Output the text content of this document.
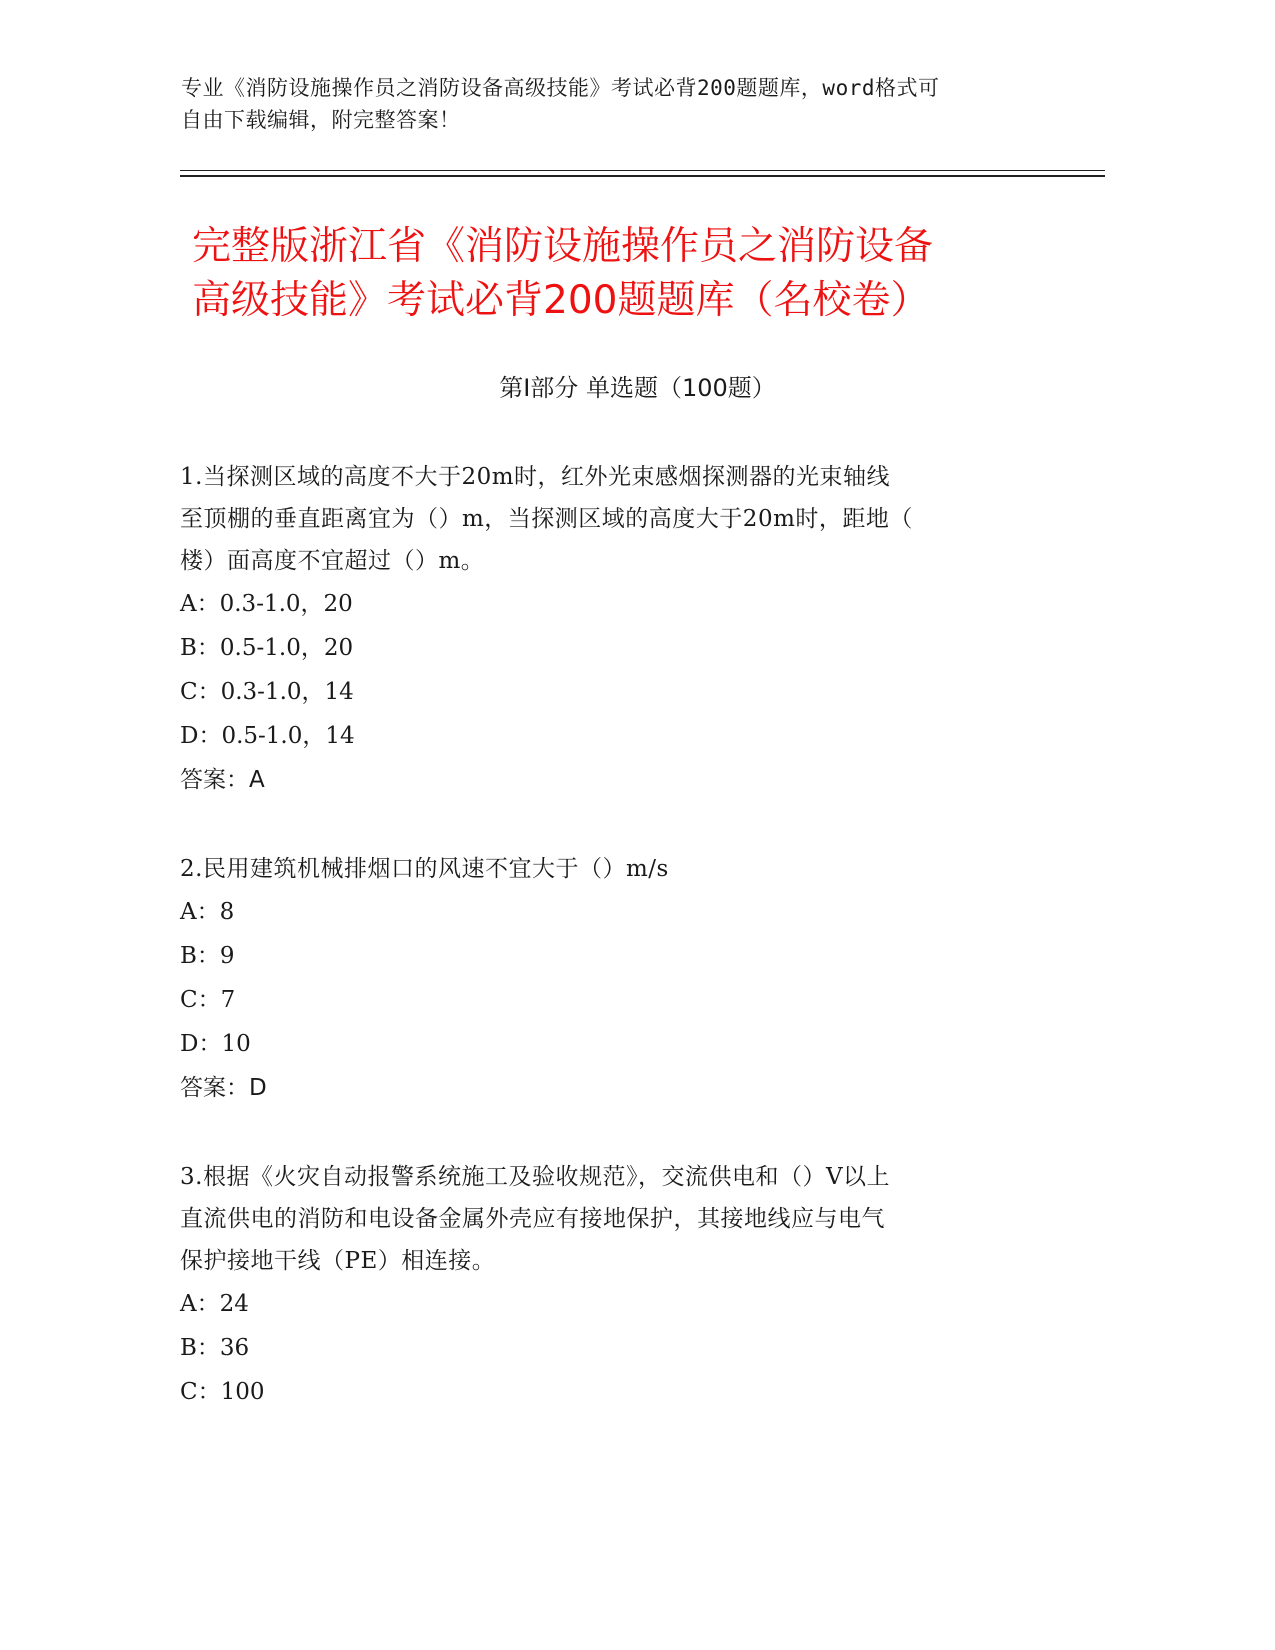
专业《消防设施操作员之消防设备高级技能》考试必背200题题库，word格式可
自由下载编辑，附完整答案！
完整版浙江省《消防设施操作员之消防设备
高级技能》考试必背200题题库（名校卷）
第Ⅰ部分 单选题（100题）
1.当探测区域的高度不大于20m时，红外光束感烟探测器的光束轴线
至顶棚的垂直距离宜为（）m，当探测区域的高度大于20m时，距地（
楼）面高度不宜超过（）m。
A：0.3-1.0，20
B：0.5-1.0，20
C：0.3-1.0，14
D：0.5-1.0，14
答案：A
2.民用建筑机械排烟口的风速不宜大于（）m/s
A：8
B：9
C：7
D：10
答案：D
3.根据《火灾自动报警系统施工及验收规范》，交流供电和（）V以上
直流供电的消防和电设备金属外壳应有接地保护，其接地线应与电气
保护接地干线（PE）相连接。
A：24
B：36
C：100
